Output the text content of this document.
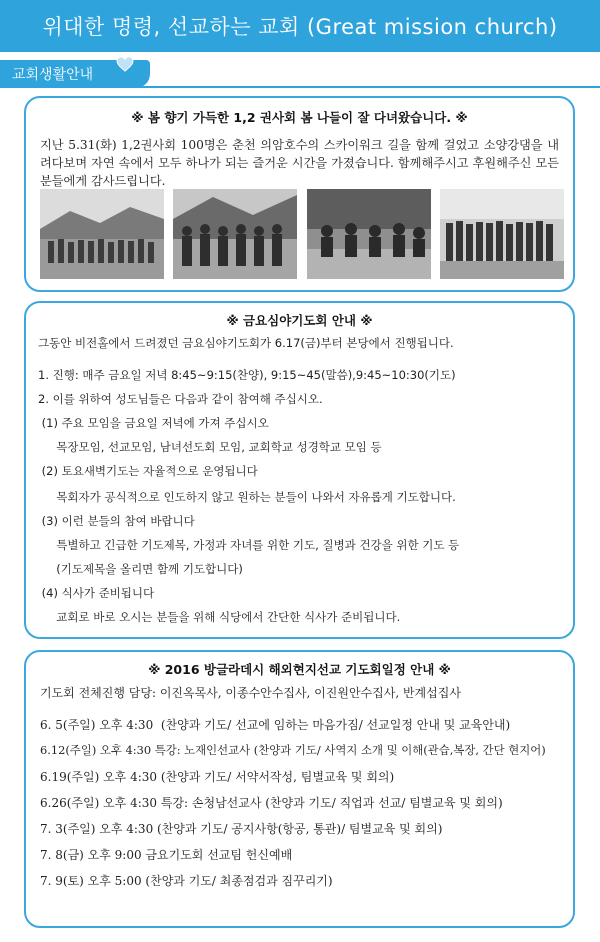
위대한 명령, 선교하는 교회 (Great mission church)
교회생활안내
※ 봄 향기 가득한 1,2 권사회 봄 나들이 잘 다녀왔습니다. ※
지난 5.31(화) 1,2권사회 100명은 춘천 의암호수의 스카이워크 길을 함께 걸었고 소양강댐을 내려다보며 자연 속에서 모두 하나가 되는 즐거운 시간을 가졌습니다. 함께해주시고 후원해주신 모든 분들에게 감사드립니다.
※ 금요심야기도회 안내 ※
그동안 비전홀에서 드려졌던 금요심야기도회가 6.17(금)부터 본당에서 진행됩니다.
1. 진행: 매주 금요일 저녁 8:45~9:15(찬양), 9:15~45(말씀),9:45~10:30(기도)
2. 이를 위하여 성도님들은 다음과 같이 참여해 주십시오.
(1) 주요 모임을 금요일 저녁에 가져 주십시오
목장모임, 선교모임, 남녀선도회 모임, 교회학교 성경학교 모임 등
(2) 토요새벽기도는 자율적으로 운영됩니다
목회자가 공식적으로 인도하지 않고 원하는 분들이 나와서 자유롭게 기도합니다.
(3) 이런 분들의 참여 바랍니다
특별하고 긴급한 기도제목, 가정과 자녀를 위한 기도, 질병과 건강을 위한 기도 등
(기도제목을 올리면 함께 기도합니다)
(4) 식사가 준비됩니다
교회로 바로 오시는 분들을 위해 식당에서 간단한 식사가 준비됩니다.
※ 2016 방글라데시 해외현지선교 기도회일정 안내 ※
기도회 전체진행 담당: 이진옥목사, 이종수안수집사, 이진원안수집사, 반계섭집사
6. 5(주일) 오후 4:30  (찬양과 기도/ 선교에 임하는 마음가짐/ 선교일정 안내 및 교육안내)
6.12(주일) 오후 4:30 특강: 노재인선교사 (찬양과 기도/ 사역지 소개 및 이해(관습,복장, 간단 현지어)
6.19(주일) 오후 4:30 (찬양과 기도/ 서약서작성, 팀별교육 및 회의)
6.26(주일) 오후 4:30 특강: 손청남선교사 (찬양과 기도/ 직업과 선교/ 팀별교육 및 회의)
7. 3(주일) 오후 4:30 (찬양과 기도/ 공지사항(항공, 통관)/ 팀별교육 및 회의)
7. 8(금) 오후 9:00 금요기도회 선교팀 헌신예배
7. 9(토) 오후 5:00 (찬양과 기도/ 최종점검과 짐꾸리기)
